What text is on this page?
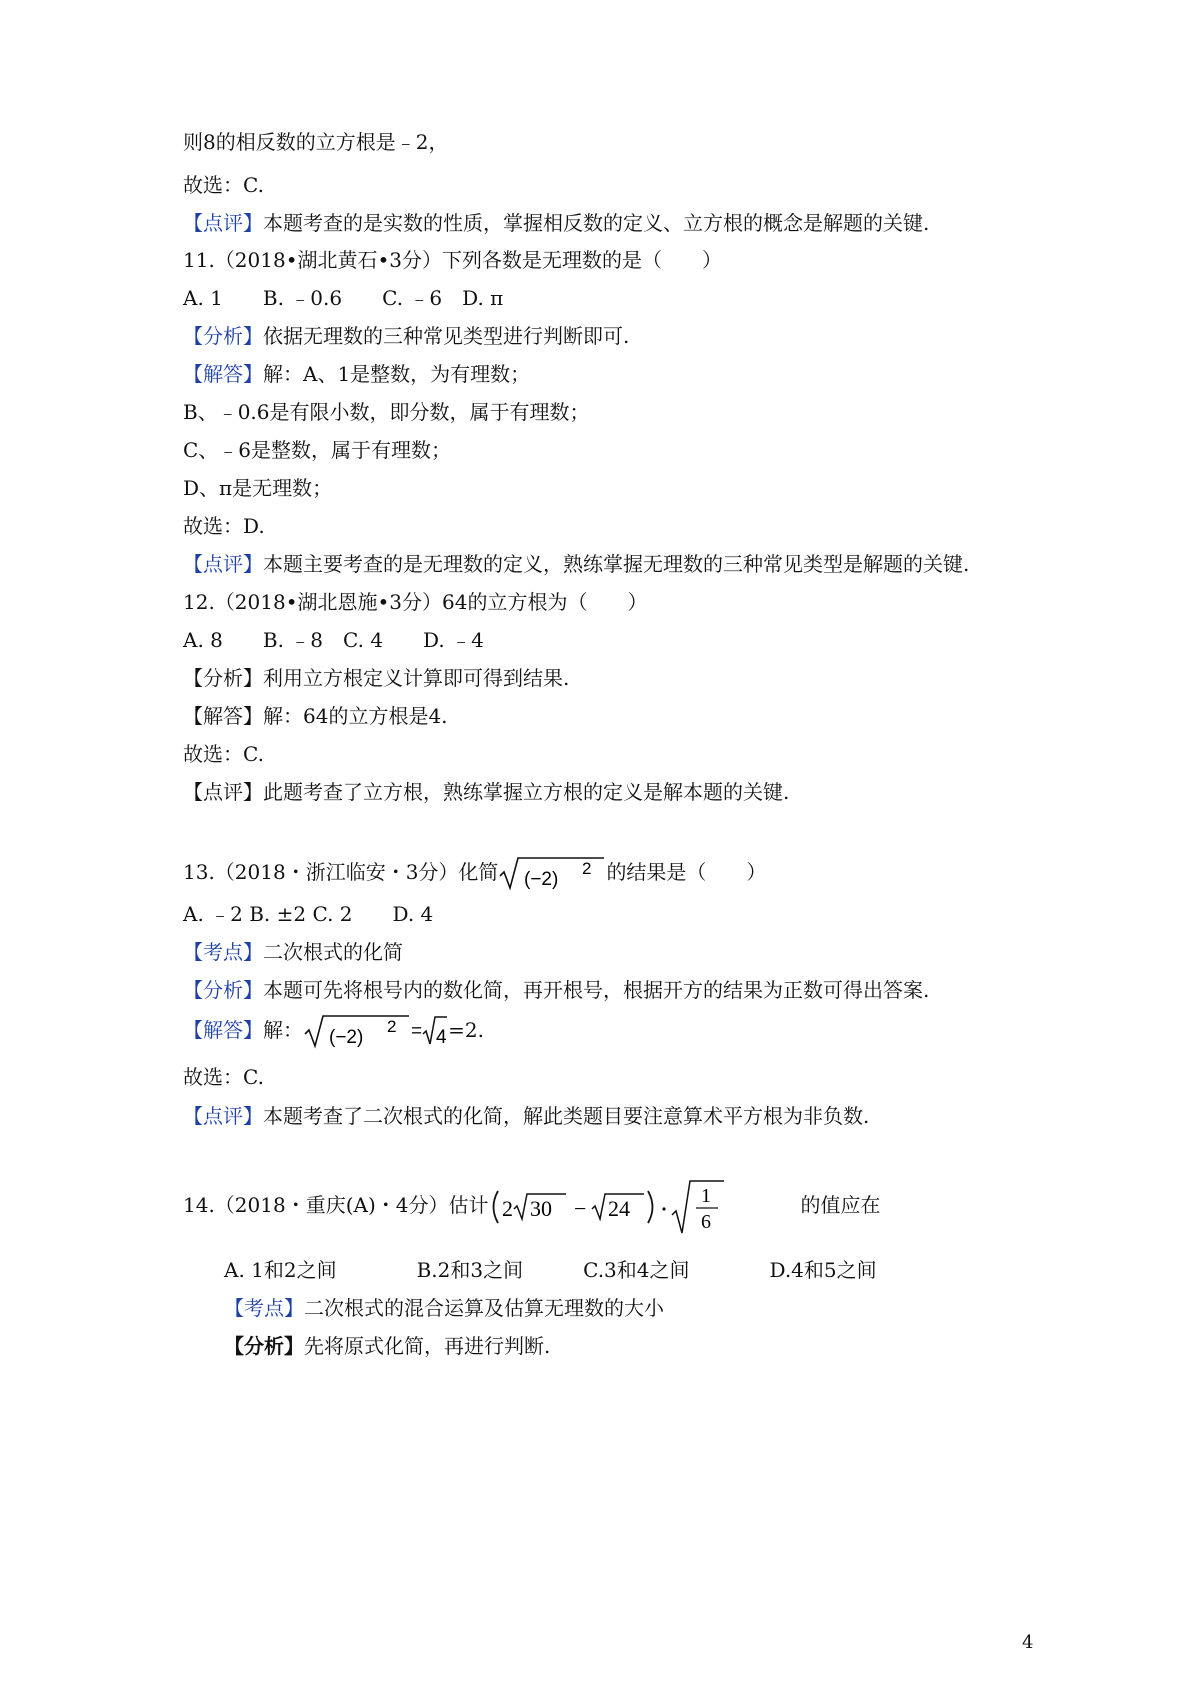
则8的相反数的立方根是﹣2，
故选：C.
【点评】本题考查的是实数的性质，掌握相反数的定义、立方根的概念是解题的关键.
11.（2018•湖北黄石•3分）下列各数是无理数的是（　　）
A. 1　　B. ﹣0.6　　C. ﹣6　D. π
【分析】依据无理数的三种常见类型进行判断即可.
【解答】解：A、1是整数，为有理数；
B、﹣0.6是有限小数，即分数，属于有理数；
C、﹣6是整数，属于有理数；
D、π是无理数；
故选：D.
【点评】本题主要考查的是无理数的定义，熟练掌握无理数的三种常见类型是解题的关键.
12.（2018•湖北恩施•3分）64的立方根为（　　）
A. 8　　B. ﹣8　C. 4　　D. ﹣4
【分析】利用立方根定义计算即可得到结果.
【解答】解：64的立方根是4.
故选：C.
【点评】此题考查了立方根，熟练掌握立方根的定义是解本题的关键.
13.（2018・浙江临安・3分）化简 (−2)
2 的结果是（　　）
A. ﹣2 B. ±2 C. 2　　D. 4
【考点】二次根式的化简
【分析】本题可先将根号内的数化简，再开根号，根据开方的结果为正数可得出答案.
【解答】解： (−2)
2 = 4 =2.
故选：C.
【点评】本题考查了二次根式的化简，解此类题目要注意算术平方根为非负数.
14.（2018・重庆(A)・4分）估计 2 30 − 24	1
6
的值应在
A. 1和2之间　　　　B.2和3之间　　　C.3和4之间　　　　D.4和5之间
【考点】二次根式的混合运算及估算无理数的大小
【分析】先将原式化简，再进行判断.
4
